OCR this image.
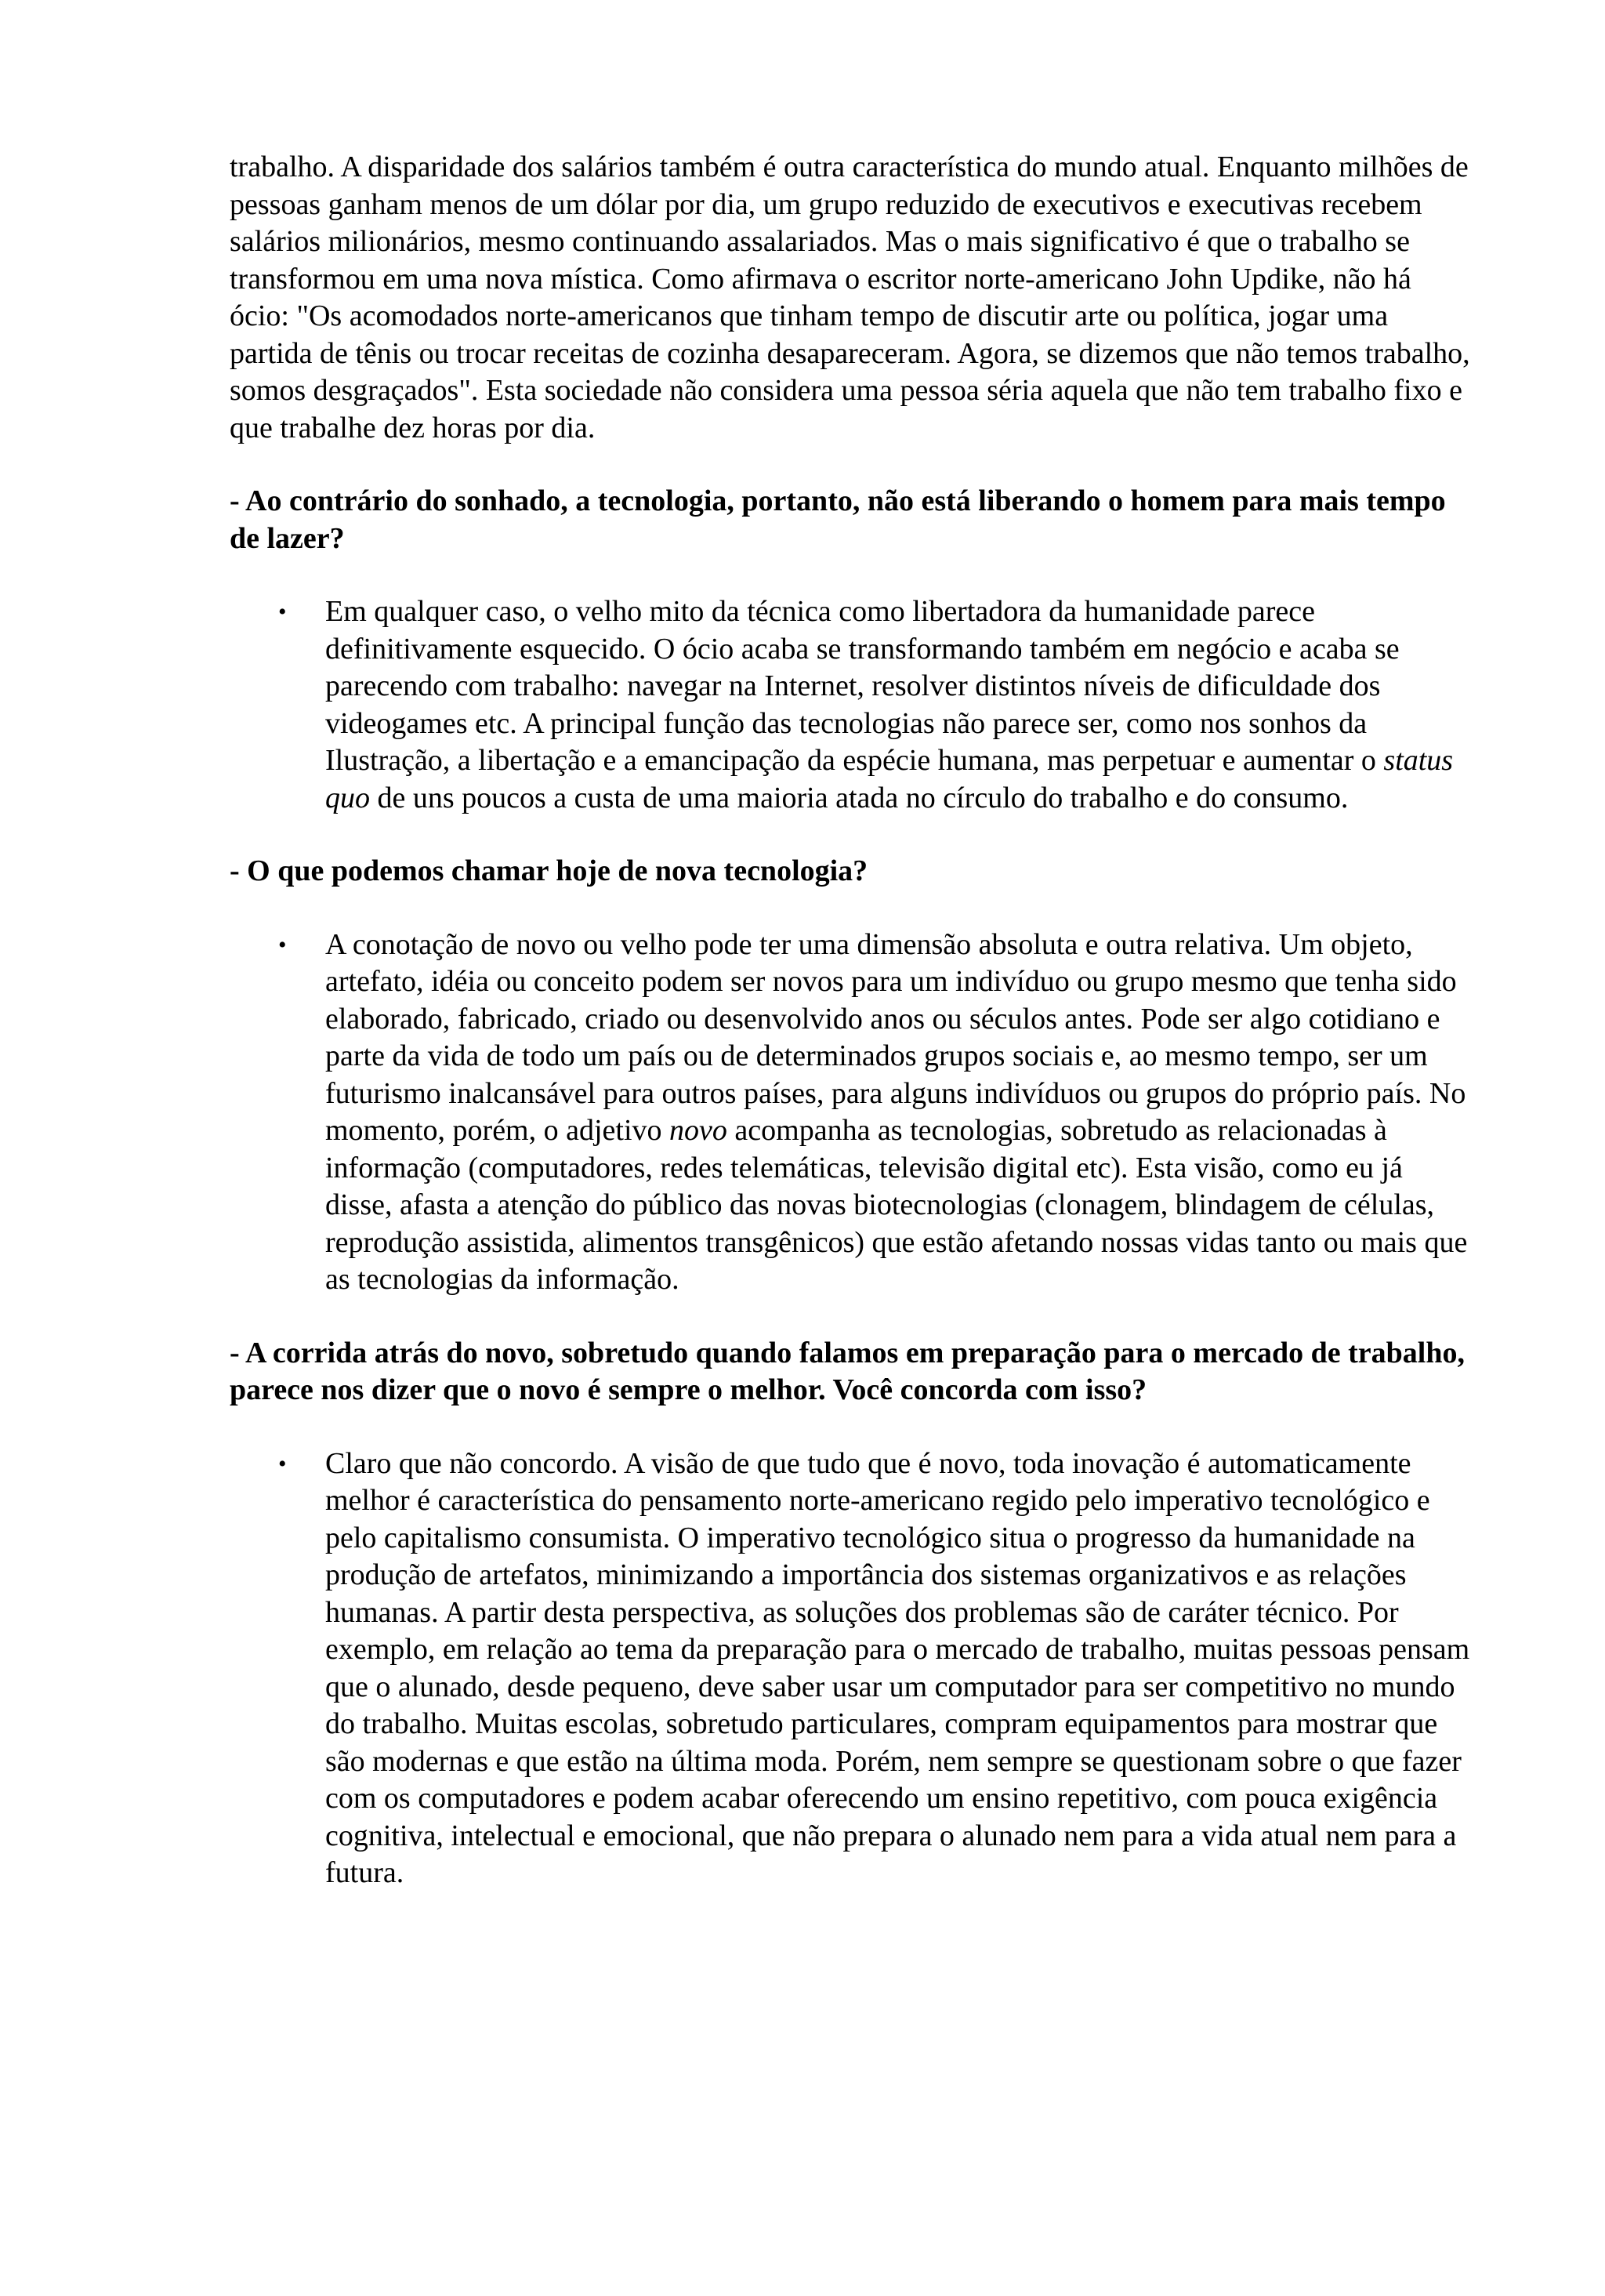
trabalho. A disparidade dos salários também é outra característica do mundo atual. Enquanto milhões de pessoas ganham menos de um dólar por dia, um grupo reduzido de executivos e executivas recebem salários milionários, mesmo continuando assalariados. Mas o mais significativo é que o trabalho se transformou em uma nova mística. Como afirmava o escritor norte-americano John Updike, não há ócio: "Os acomodados norte-americanos que tinham tempo de discutir arte ou política, jogar uma partida de tênis ou trocar receitas de cozinha desapareceram. Agora, se dizemos que não temos trabalho, somos desgraçados". Esta sociedade não considera uma pessoa séria aquela que não tem trabalho fixo e que trabalhe dez horas por dia.

- Ao contrário do sonhado, a tecnologia, portanto, não está liberando o homem para mais tempo de lazer?

• Em qualquer caso, o velho mito da técnica como libertadora da humanidade parece definitivamente esquecido. O ócio acaba se transformando também em negócio e acaba se parecendo com trabalho: navegar na Internet, resolver distintos níveis de dificuldade dos videogames etc. A principal função das tecnologias não parece ser, como nos sonhos da Ilustração, a libertação e a emancipação da espécie humana, mas perpetuar e aumentar o status quo de uns poucos a custa de uma maioria atada no círculo do trabalho e do consumo.

- O que podemos chamar hoje de nova tecnologia?

• A conotação de novo ou velho pode ter uma dimensão absoluta e outra relativa. Um objeto, artefato, idéia ou conceito podem ser novos para um indivíduo ou grupo mesmo que tenha sido elaborado, fabricado, criado ou desenvolvido anos ou séculos antes. Pode ser algo cotidiano e parte da vida de todo um país ou de determinados grupos sociais e, ao mesmo tempo, ser um futurismo inalcansável para outros países, para alguns indivíduos ou grupos do próprio país. No momento, porém, o adjetivo novo acompanha as tecnologias, sobretudo as relacionadas à informação (computadores, redes telemáticas, televisão digital etc). Esta visão, como eu já disse, afasta a atenção do público das novas biotecnologias (clonagem, blindagem de células, reprodução assistida, alimentos transgênicos) que estão afetando nossas vidas tanto ou mais que as tecnologias da informação.

- A corrida atrás do novo, sobretudo quando falamos em preparação para o mercado de trabalho, parece nos dizer que o novo é sempre o melhor. Você concorda com isso?

• Claro que não concordo. A visão de que tudo que é novo, toda inovação é automaticamente melhor é característica do pensamento norte-americano regido pelo imperativo tecnológico e pelo capitalismo consumista. O imperativo tecnológico situa o progresso da humanidade na produção de artefatos, minimizando a importância dos sistemas organizativos e as relações humanas. A partir desta perspectiva, as soluções dos problemas são de caráter técnico. Por exemplo, em relação ao tema da preparação para o mercado de trabalho, muitas pessoas pensam que o alunado, desde pequeno, deve saber usar um computador para ser competitivo no mundo do trabalho. Muitas escolas, sobretudo particulares, compram equipamentos para mostrar que são modernas e que estão na última moda. Porém, nem sempre se questionam sobre o que fazer com os computadores e podem acabar oferecendo um ensino repetitivo, com pouca exigência cognitiva, intelectual e emocional, que não prepara o alunado nem para a vida atual nem para a futura.
